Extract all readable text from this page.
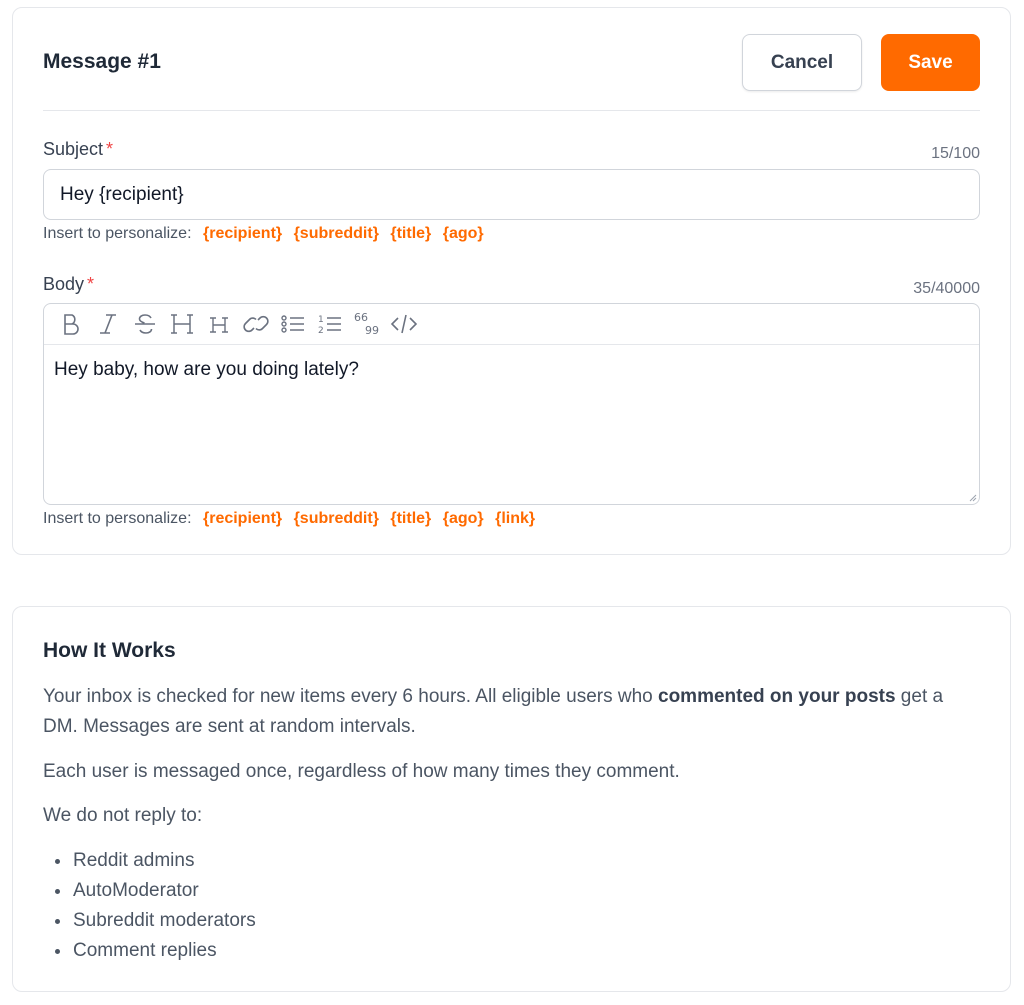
Message #1	Cancel	Save
Subject *	15/100
Hey {recipient}
Insert to personalize: {recipient} {subreddit} {title} {ago}
Body *	35/40000
1
2
66
99
Hey baby, how are you doing lately?
Insert to personalize: {recipient} {subreddit} {title} {ago} {link}
How It Works

Your inbox is checked for new items every 6 hours. All eligible users who commented on your posts get a DM. Messages are sent at random intervals.

Each user is messaged once, regardless of how many times they comment.

We do not reply to:

Reddit admins
AutoModerator
Subreddit moderators
Comment replies
